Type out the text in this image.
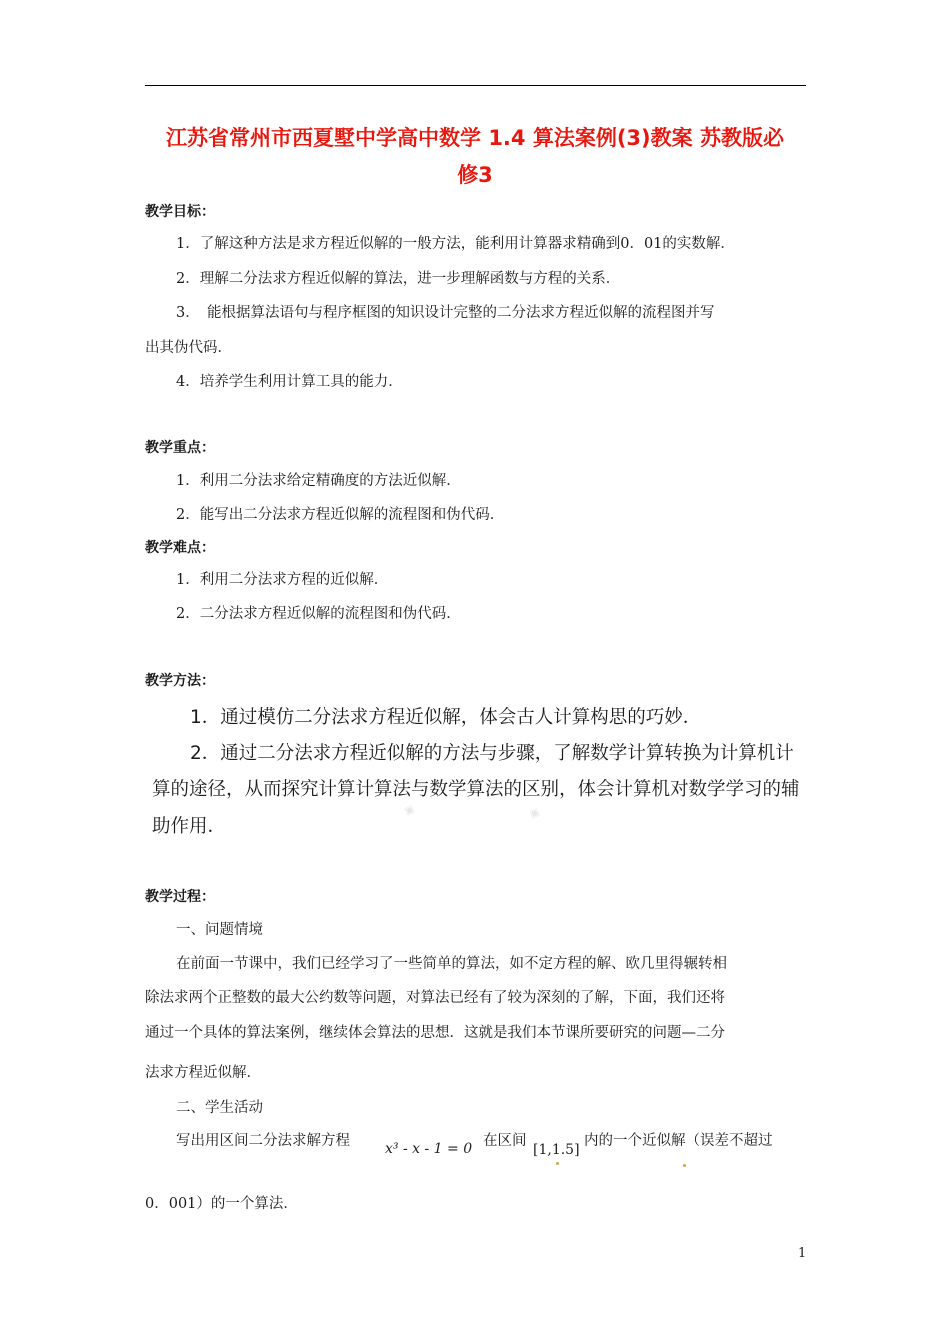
江苏省常州市西夏墅中学高中数学 1.4 算法案例(3)教案 苏教版必
修3
教学目标：
1．了解这种方法是求方程近似解的一般方法，能利用计算器求精确到0．01的实数解．
2．理解二分法求方程近似解的算法，进一步理解函数与方程的关系．
3．　能根据算法语句与程序框图的知识设计完整的二分法求方程近似解的流程图并写
出其伪代码．
4．培养学生利用计算工具的能力．
教学重点：
1．利用二分法求给定精确度的方法近似解．
2．能写出二分法求方程近似解的流程图和伪代码．
教学难点：
1．利用二分法求方程的近似解．
2．二分法求方程近似解的流程图和伪代码．
教学方法：
1．通过模仿二分法求方程近似解，体会古人计算构思的巧妙．
2．通过二分法求方程近似解的方法与步骤，了解数学计算转换为计算机计
算的途径，从而探究计算计算法与数学算法的区别，体会计算机对数学学习的辅
助作用．
▣	▣
教学过程：
一、问题情境
在前面一节课中，我们已经学习了一些简单的算法，如不定方程的解、欧几里得辗转相
除法求两个正整数的最大公约数等问题，对算法已经有了较为深刻的了解，下面，我们还将
通过一个具体的算法案例，继续体会算法的思想．这就是我们本节课所要研究的问题—二分
法求方程近似解．
二、学生活动
写出用区间二分法求解方程	x³ - x - 1 = 0 在区间
[1,1.5]
内的一个近似解（误差不超过
0．001）的一个算法．
1
